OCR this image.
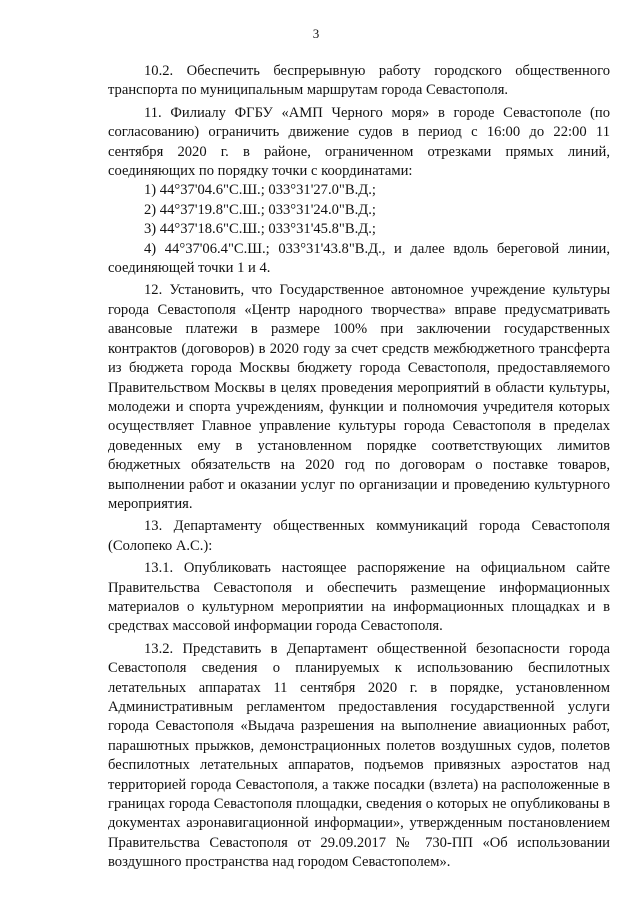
3

10.2. Обеспечить беспрерывную работу городского общественного транспорта по муниципальным маршрутам города Севастополя.

11. Филиалу ФГБУ «АМП Черного моря» в городе Севастополе (по согласованию) ограничить движение судов в период с 16:00 до 22:00 11 сентября 2020 г. в районе, ограниченном отрезками прямых линий, соединяющих по порядку точки с координатами:

1) 44°37'04.6"С.Ш.; 033°31'27.0"В.Д.;

2) 44°37'19.8"С.Ш.; 033°31'24.0"В.Д.;

3) 44°37'18.6"С.Ш.; 033°31'45.8"В.Д.;

4) 44°37'06.4"С.Ш.; 033°31'43.8"В.Д., и далее вдоль береговой линии, соединяющей точки 1 и 4.

12. Установить, что Государственное автономное учреждение культуры города Севастополя «Центр народного творчества» вправе предусматривать авансовые платежи в размере 100% при заключении государственных контрактов (договоров) в 2020 году за счет средств межбюджетного трансферта из бюджета города Москвы бюджету города Севастополя, предоставляемого Правительством Москвы в целях проведения мероприятий в области культуры, молодежи и спорта учреждениям, функции и полномочия учредителя которых осуществляет Главное управление культуры города Севастополя в пределах доведенных ему в установленном порядке соответствующих лимитов бюджетных обязательств на 2020 год по договорам о поставке товаров, выполнении работ и оказании услуг по организации и проведению культурного мероприятия.

13. Департаменту общественных коммуникаций города Севастополя (Солопеко А.С.):

13.1. Опубликовать настоящее распоряжение на официальном сайте Правительства Севастополя и обеспечить размещение информационных материалов о культурном мероприятии на информационных площадках и в средствах массовой информации города Севастополя.

13.2. Представить в Департамент общественной безопасности города Севастополя сведения о планируемых к использованию беспилотных летательных аппаратах 11 сентября 2020 г. в порядке, установленном Административным регламентом предоставления государственной услуги города Севастополя «Выдача разрешения на выполнение авиационных работ, парашютных прыжков, демонстрационных полетов воздушных судов, полетов беспилотных летательных аппаратов, подъемов привязных аэростатов над территорией города Севастополя, а также посадки (взлета) на расположенные в границах города Севастополя площадки, сведения о которых не опубликованы в документах аэронавигационной информации», утвержденным постановлением Правительства Севастополя от 29.09.2017 № 730-ПП «Об использовании воздушного пространства над городом Севастополем».
